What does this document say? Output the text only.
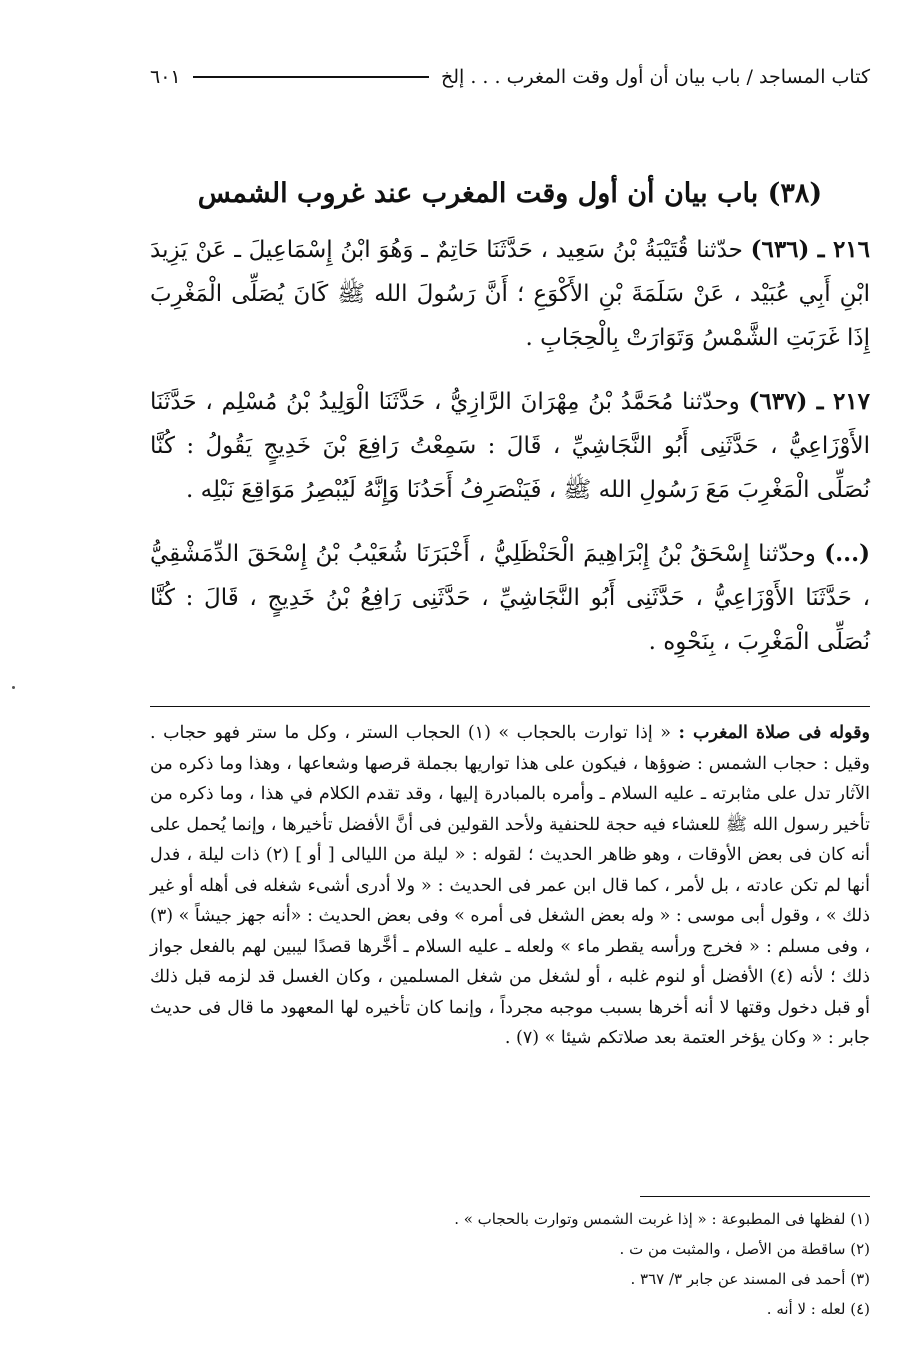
كتاب المساجد / باب بيان أن أول وقت المغرب . . . إلخ
٦٠١
(٣٨) باب بيان أن أول وقت المغرب عند غروب الشمس

٢١٦ ـ (٦٣٦) حدّثنا قُتَيْبَةُ بْنُ سَعِيد ، حَدَّثَنَا حَاتِمٌ ـ وَهُوَ ابْنُ إِسْمَاعِيلَ ـ عَنْ يَزِيدَ ابْنِ أَبِي عُبَيْد ، عَنْ سَلَمَةَ بْنِ الأَكْوَعِ ؛ أَنَّ رَسُولَ الله ﷺ كَانَ يُصَلِّى الْمَغْرِبَ إِذَا غَرَبَتِ الشَّمْسُ وَتَوَارَتْ بِالْحِجَابِ .

٢١٧ ـ (٦٣٧) وحدّثنا مُحَمَّدُ بْنُ مِهْرَانَ الرَّازِيُّ ، حَدَّثَنَا الْوَلِيدُ بْنُ مُسْلِم ، حَدَّثَنَا الأَوْزَاعِيُّ ، حَدَّثَنِى أَبُو النَّجَاشِيِّ ، قَالَ : سَمِعْتُ رَافِعَ بْنَ خَدِيجٍ يَقُولُ : كُنَّا نُصَلِّى الْمَغْرِبَ مَعَ رَسُولِ الله ﷺ ، فَيَنْصَرِفُ أَحَدُنَا وَإِنَّهُ لَيُبْصِرُ مَوَاقِعَ نَبْلِه .

(...) وحدّثنا إِسْحَقُ بْنُ إِبْرَاهِيمَ الْحَنْظَلِيُّ ، أَخْبَرَنَا شُعَيْبُ بْنُ إِسْحَقَ الدِّمَشْقِيُّ ، حَدَّثَنَا الأَوْزَاعِيُّ ، حَدَّثَنِى أَبُو النَّجَاشِيِّ ، حَدَّثَنِى رَافِعُ بْنُ خَدِيجٍ ، قَالَ : كُنَّا نُصَلِّى الْمَغْرِبَ ، بِنَحْوِه .

وقوله فى صلاة المغرب : « إذا توارت بالحجاب » (١) الحجاب الستر ، وكل ما ستر فهو حجاب . وقيل : حجاب الشمس : ضوؤها ، فيكون على هذا تواريها بجملة قرصها وشعاعها ، وهذا وما ذكره من الآثار تدل على مثابرته ـ عليه السلام ـ وأمره بالمبادرة إليها ، وقد تقدم الكلام في هذا ، وما ذكره من تأخير رسول الله ﷺ للعشاء فيه حجة للحنفية ولأحد القولين فى أنَّ الأفضل تأخيرها ، وإنما يُحمل على أنه كان فى بعض الأوقات ، وهو ظاهر الحديث ؛ لقوله : « ليلة من الليالى [ أو ] (٢) ذات ليلة ، فدل أنها لم تكن عادته ، بل لأمر ، كما قال ابن عمر فى الحديث : « ولا أدرى أشىء شغله فى أهله أو غير ذلك » ، وقول أبى موسى : « وله بعض الشغل فى أمره » وفى بعض الحديث : «أنه جهز جيشاً » (٣) ، وفى مسلم : « فخرج ورأسه يقطر ماء » ولعله ـ عليه السلام ـ أخَّرها قصدًا ليبين لهم بالفعل جواز ذلك ؛ لأنه (٤) الأفضل أو لنوم غلبه ، أو لشغل من شغل المسلمين ، وكان الغسل قد لزمه قبل ذلك أو قبل دخول وقتها لا أنه أخرها بسبب موجبه مجرداً ، وإنما كان تأخيره لها المعهود ما قال فى حديث جابر : « وكان يؤخر العتمة بعد صلاتكم شيئا » (٧) .

(١) لفظها فى المطبوعة : « إذا غربت الشمس وتوارت بالحجاب » .
(٢) ساقطة من الأصل ، والمثبت من ت .
(٣) أحمد فى المسند عن جابر ٣/ ٣٦٧ .
(٤) لعله : لا أنه .
